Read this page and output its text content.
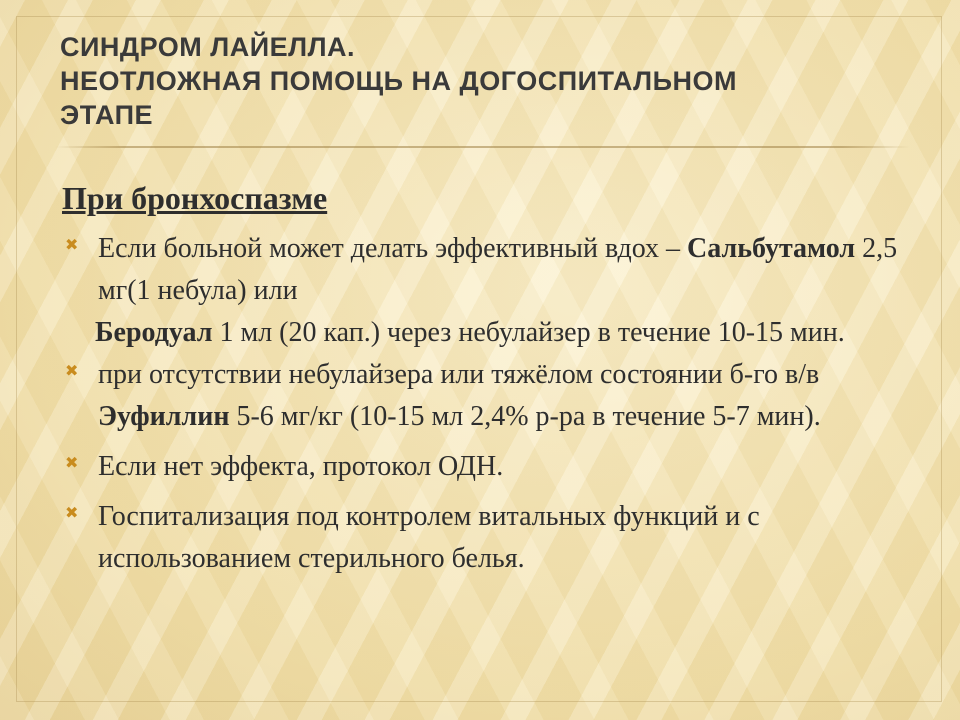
СИНДРОМ ЛАЙЕЛЛА.
НЕОТЛОЖНАЯ ПОМОЩЬ НА ДОГОСПИТАЛЬНОМ
ЭТАПЕ
При бронхоспазме
✖ Если больной может делать эффективный вдох – Сальбутамол 2,5 мг(1 небула) или
Беродуал 1 мл (20 кап.) через небулайзер в течение 10-15 мин.
✖ при отсутствии небулайзера или тяжёлом состоянии б-го в/в Эуфиллин 5-6 мг/кг (10-15 мл 2,4% р-ра в течение 5-7 мин).
✖ Если нет эффекта, протокол ОДН.
✖ Госпитализация под контролем витальных функций и с использованием стерильного белья.
